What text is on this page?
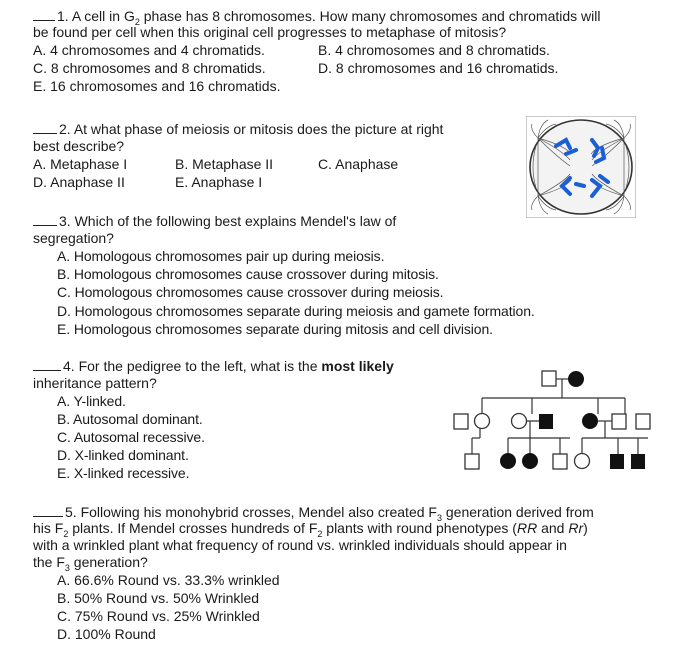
1. A cell in $G_2$ phase has 8 chromosomes. How many chromosomes and chromatids will
be found per cell when this original cell progresses to metaphase of mitosis?
A. 4 chromosomes and 4 chromatids.	B. 4 chromosomes and 8 chromatids.
C. 8 chromosomes and 8 chromatids.	D. 8 chromosomes and 16 chromatids.
E. 16 chromosomes and 16 chromatids.
2. At what phase of meiosis or mitosis does the picture at right
best describe?
A. Metaphase I	B. Metaphase II	C. Anaphase
D. Anaphase II	E. Anaphase I
3. Which of the following best explains Mendel's law of
segregation?
A. Homologous chromosomes pair up during meiosis.
B. Homologous chromosomes cause crossover during mitosis.
C. Homologous chromosomes cause crossover during meiosis.
D. Homologous chromosomes separate during meiosis and gamete formation.
E. Homologous chromosomes separate during mitosis and cell division.
4. For the pedigree to the left, what is the most likely
inheritance pattern?
A. Y-linked.
B. Autosomal dominant.
C. Autosomal recessive.
D. X-linked dominant.
E. X-linked recessive.
5. Following his monohybrid crosses, Mendel also created $F_3$ generation derived from
his $F_2$ plants. If Mendel crosses hundreds of $F_2$ plants with round phenotypes (RR and Rr)
with a wrinkled plant what frequency of round vs. wrinkled individuals should appear in
the $F_3$ generation?
A. 66.6% Round vs. 33.3% wrinkled
B. 50% Round vs. 50% Wrinkled
C. 75% Round vs. 25% Wrinkled
D. 100% Round
